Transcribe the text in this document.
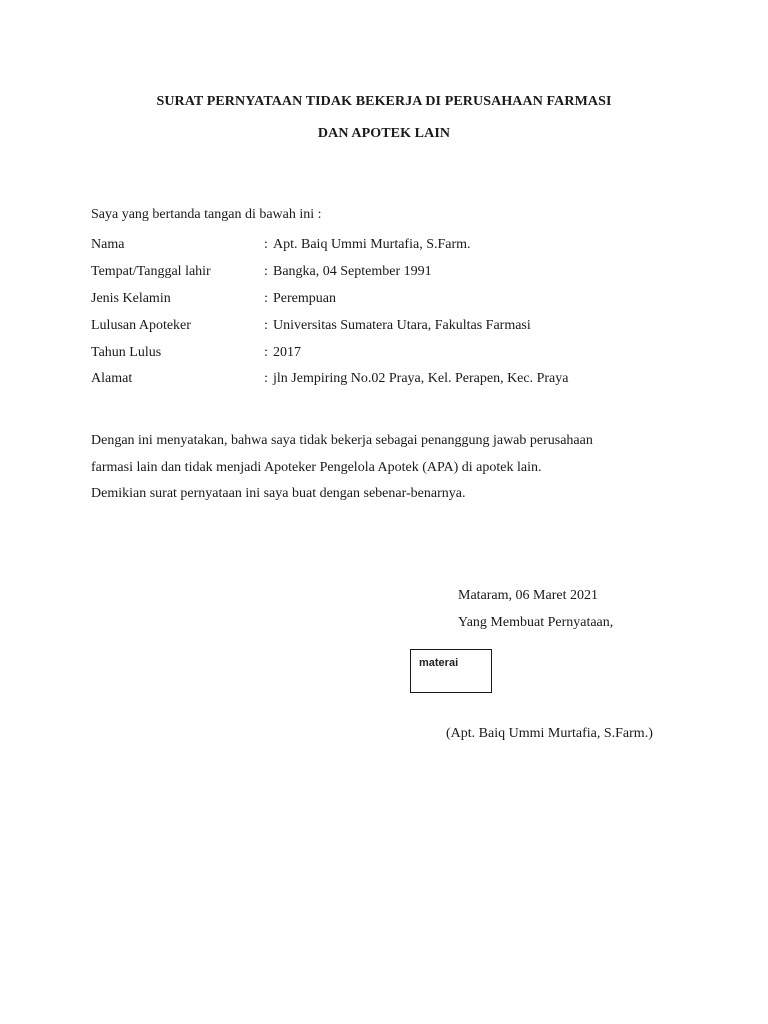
SURAT PERNYATAAN TIDAK BEKERJA DI PERUSAHAAN FARMASI
DAN APOTEK LAIN
Saya yang bertanda tangan di bawah ini :
Nama	: Apt. Baiq Ummi Murtafia, S.Farm.
Tempat/Tanggal lahir	: Bangka, 04 September 1991
Jenis Kelamin	: Perempuan
Lulusan Apoteker	: Universitas Sumatera Utara, Fakultas Farmasi
Tahun Lulus	: 2017
Alamat	: jln Jempiring No.02 Praya, Kel. Perapen, Kec. Praya
Dengan ini menyatakan, bahwa saya tidak bekerja sebagai penanggung jawab perusahaan
farmasi lain dan tidak menjadi Apoteker Pengelola Apotek (APA) di apotek lain.
Demikian surat pernyataan ini saya buat dengan sebenar-benarnya.
Mataram, 06 Maret 2021
Yang Membuat Pernyataan,
materai
(Apt. Baiq Ummi Murtafia, S.Farm.)
